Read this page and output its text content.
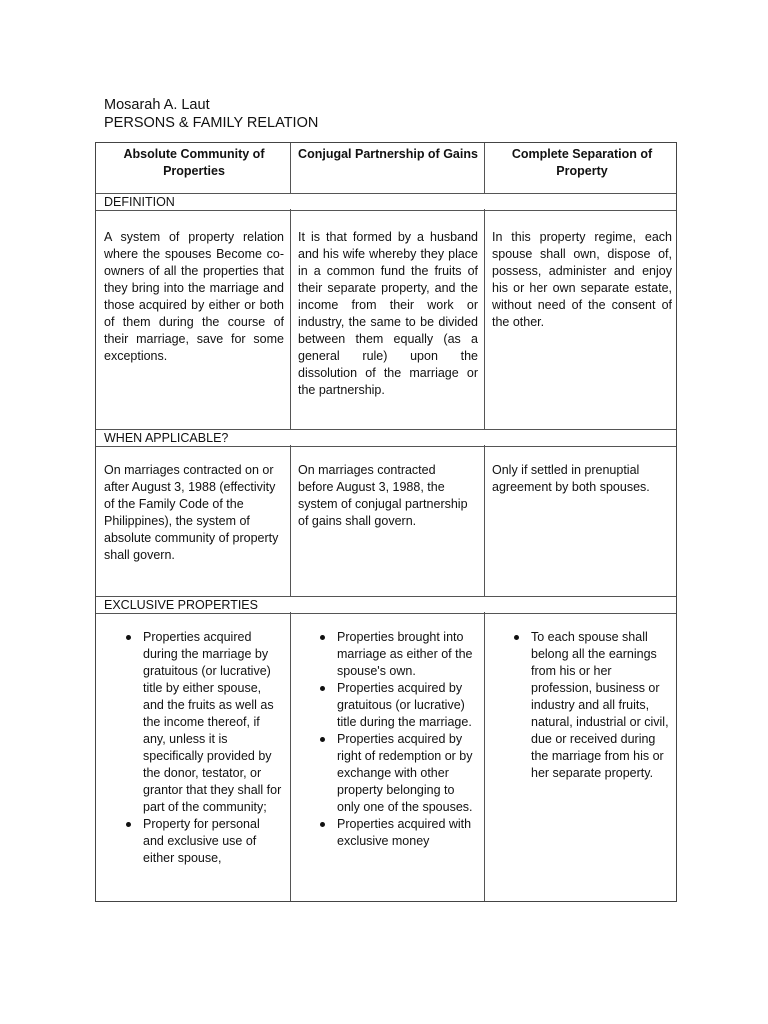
Mosarah A. Laut
PERSONS & FAMILY RELATION
Absolute Community of Properties
Conjugal Partnership of Gains	Complete Separation of Property
DEFINITION

A system of property relation where the spouses Become co-owners of all the properties that they bring into the marriage and those acquired by either or both of them during the course of their marriage, save for some exceptions.

It is that formed by a husband and his wife whereby they place in a common fund the fruits of their separate property, and the income from their work or industry, the same to be divided between them equally (as a general rule) upon the dissolution of the marriage or the partnership.

In this property regime, each spouse shall own, dispose of, possess, administer and enjoy his or her own separate estate, without need of the consent of the other.

WHEN APPLICABLE?

On marriages contracted on or after August 3, 1988 (effectivity of the Family Code of the Philippines), the system of absolute community of property shall govern.

On marriages contracted before August 3, 1988, the system of conjugal partnership of gains shall govern.

Only if settled in prenuptial agreement by both spouses.

EXCLUSIVE PROPERTIES
Properties acquired during the marriage by gratuitous (or lucrative) title by either spouse, and the fruits as well as the income thereof, if any, unless it is specifically provided by the donor, testator, or grantor that they shall for part of the community;
Property for personal and exclusive use of either spouse,
Properties brought into marriage as either of the spouse's own.
Properties acquired by gratuitous (or lucrative) title during the marriage.
Properties acquired by right of redemption or by exchange with other property belonging to only one of the spouses.
Properties acquired with exclusive money
To each spouse shall belong all the earnings from his or her profession, business or industry and all fruits, natural, industrial or civil, due or received during the marriage from his or her separate property.
